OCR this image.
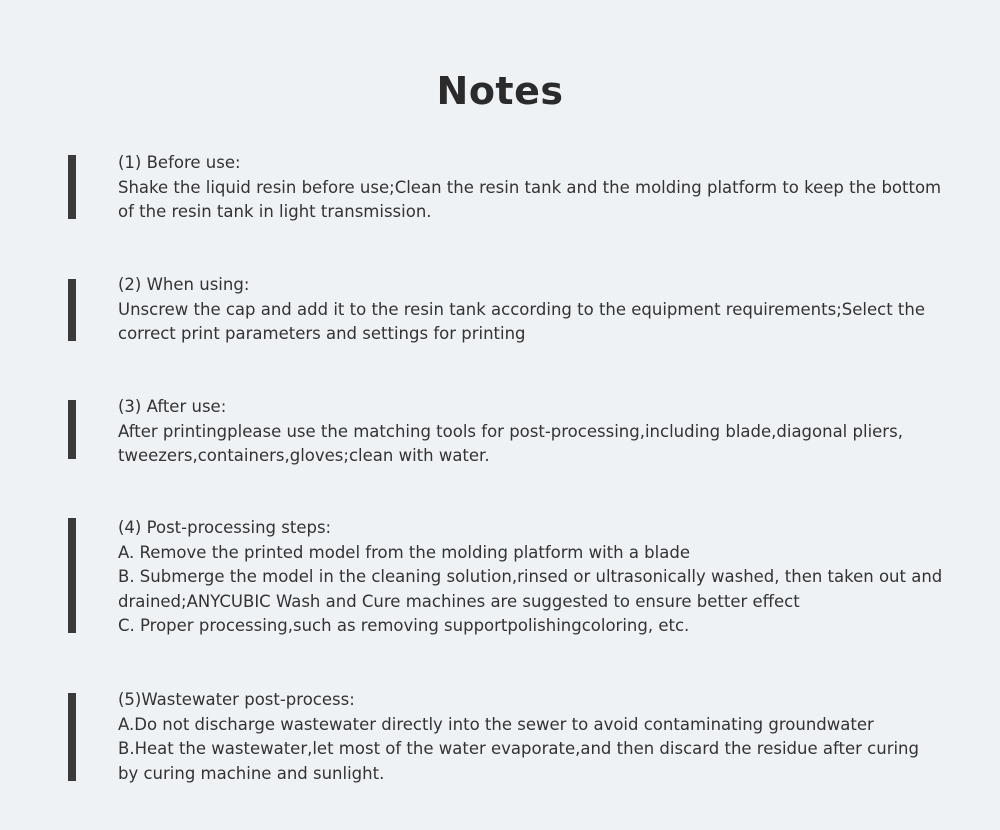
Notes
(1) Before use:
Shake the liquid resin before use;Clean the resin tank and the molding platform to keep the bottom
of the resin tank in light transmission.
(2) When using:
Unscrew the cap and add it to the resin tank according to the equipment requirements;Select the
correct print parameters and settings for printing
(3) After use:
After printingplease use the matching tools for post-processing,including blade,diagonal pliers,
tweezers,containers,gloves;clean with water.
(4) Post-processing steps:
A. Remove the printed model from the molding platform with a blade
B. Submerge the model in the cleaning solution,rinsed or ultrasonically washed, then taken out and
drained;ANYCUBIC Wash and Cure machines are suggested to ensure better effect
C. Proper processing,such as removing supportpolishingcoloring, etc.
(5)Wastewater post-process:
A.Do not discharge wastewater directly into the sewer to avoid contaminating groundwater
B.Heat the wastewater,let most of the water evaporate,and then discard the residue after curing
by curing machine and sunlight.
